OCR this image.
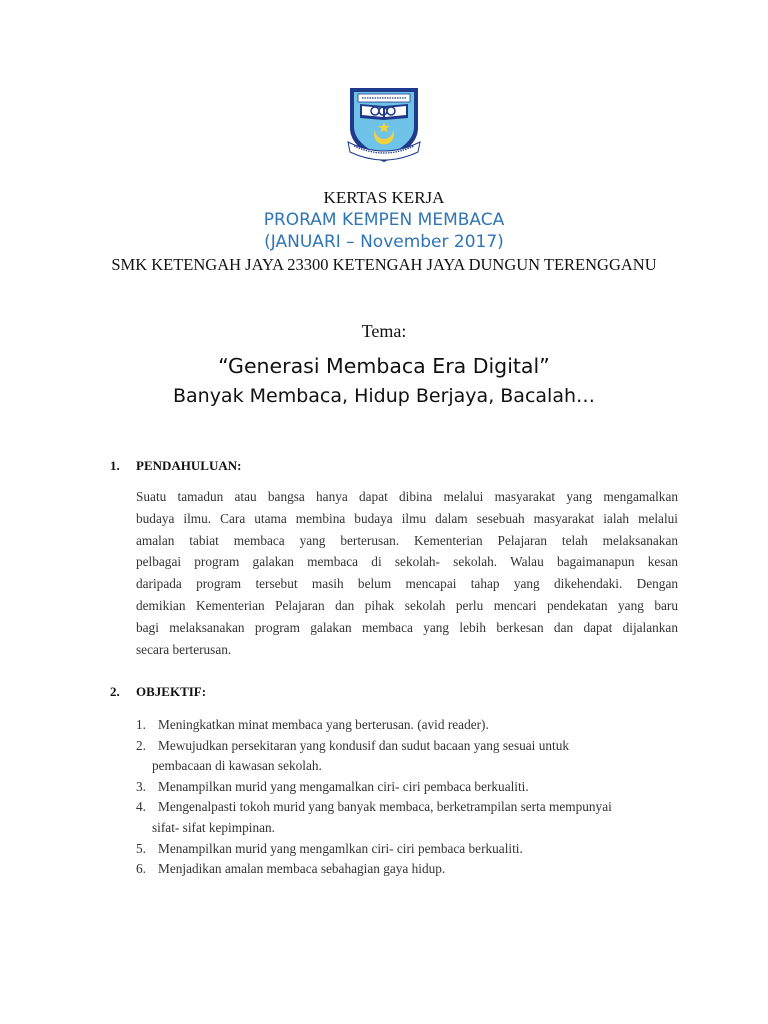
KERTAS KERJA
PRORAM KEMPEN MEMBACA
(JANUARI – November 2017)
SMK KETENGAH JAYA 23300 KETENGAH JAYA DUNGUN TERENGGANU
Tema:
“Generasi Membaca Era Digital”
Banyak Membaca, Hidup Berjaya, Bacalah…
1. PENDAHULUAN:
Suatu tamadun atau bangsa hanya dapat dibina melalui masyarakat yang mengamalkan
budaya ilmu. Cara utama membina budaya ilmu dalam sesebuah masyarakat ialah melalui
amalan tabiat membaca yang berterusan. Kementerian Pelajaran telah melaksanakan
pelbagai program galakan membaca di sekolah- sekolah. Walau bagaimanapun kesan
daripada program tersebut masih belum mencapai tahap yang dikehendaki. Dengan
demikian Kementerian Pelajaran dan pihak sekolah perlu mencari pendekatan yang baru
bagi melaksanakan program galakan membaca yang lebih berkesan dan dapat dijalankan
secara berterusan.
2. OBJEKTIF:
1. Meningkatkan minat membaca yang berterusan. (avid reader).
2. Mewujudkan persekitaran yang kondusif dan sudut bacaan yang sesuai untuk
pembacaan di kawasan sekolah.
3. Menampilkan murid yang mengamalkan ciri- ciri pembaca berkualiti.
4. Mengenalpasti tokoh murid yang banyak membaca, berketrampilan serta mempunyai
sifat- sifat kepimpinan.
5. Menampilkan murid yang mengamlkan ciri- ciri pembaca berkualiti.
6. Menjadikan amalan membaca sebahagian gaya hidup.
